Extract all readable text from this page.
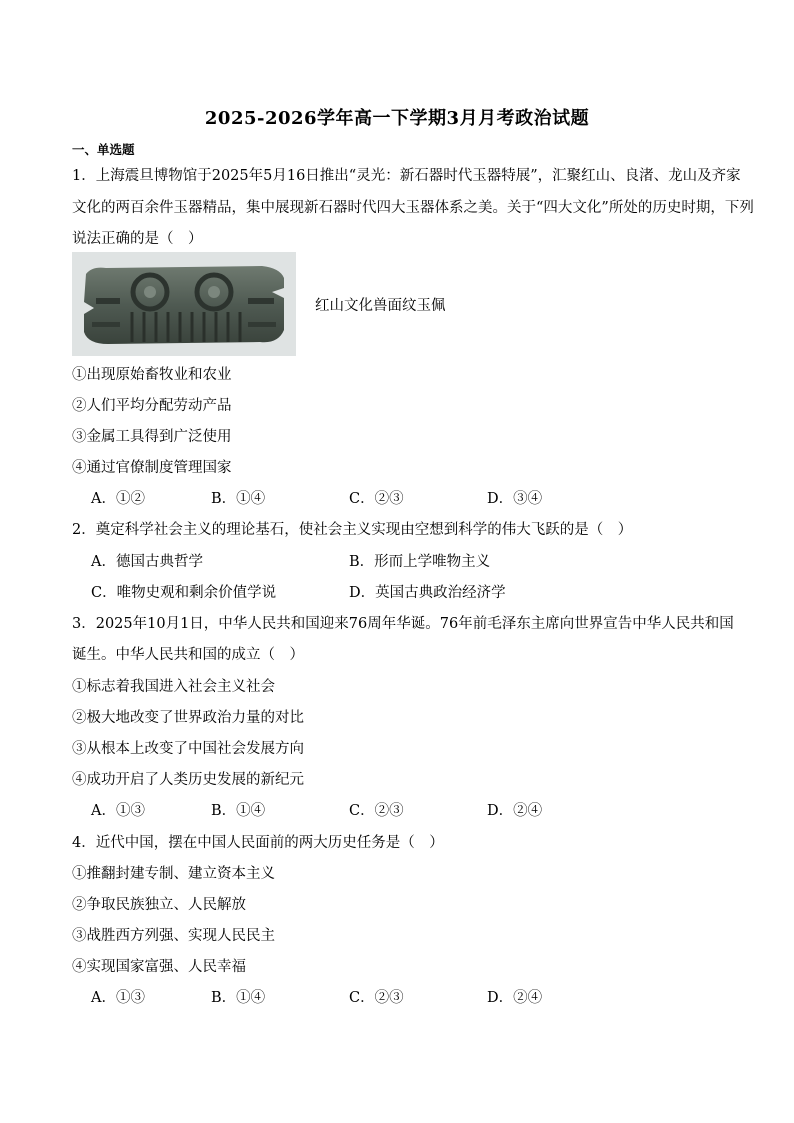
2025-2026学年高一下学期3月月考政治试题
一、单选题
1．上海震旦博物馆于2025年5月16日推出“灵光：新石器时代玉器特展”，汇聚红山、良渚、龙山及齐家
文化的两百余件玉器精品，集中展现新石器时代四大玉器体系之美。关于“四大文化”所处的历史时期，下列
说法正确的是（　）
红山文化兽面纹玉佩
①出现原始畜牧业和农业
②人们平均分配劳动产品
③金属工具得到广泛使用
④通过官僚制度管理国家
A．①②	B．①④	C．②③	D．③④
2．奠定科学社会主义的理论基石，使社会主义实现由空想到科学的伟大飞跃的是（　）
A．德国古典哲学	B．形而上学唯物主义
C．唯物史观和剩余价值学说	D．英国古典政治经济学
3．2025年10月1日，中华人民共和国迎来76周年华诞。76年前毛泽东主席向世界宣告中华人民共和国
诞生。中华人民共和国的成立（　）
①标志着我国进入社会主义社会
②极大地改变了世界政治力量的对比
③从根本上改变了中国社会发展方向
④成功开启了人类历史发展的新纪元
A．①③	B．①④	C．②③	D．②④
4．近代中国，摆在中国人民面前的两大历史任务是（　）
①推翻封建专制、建立资本主义
②争取民族独立、人民解放
③战胜西方列强、实现人民民主
④实现国家富强、人民幸福
A．①③	B．①④	C．②③	D．②④
